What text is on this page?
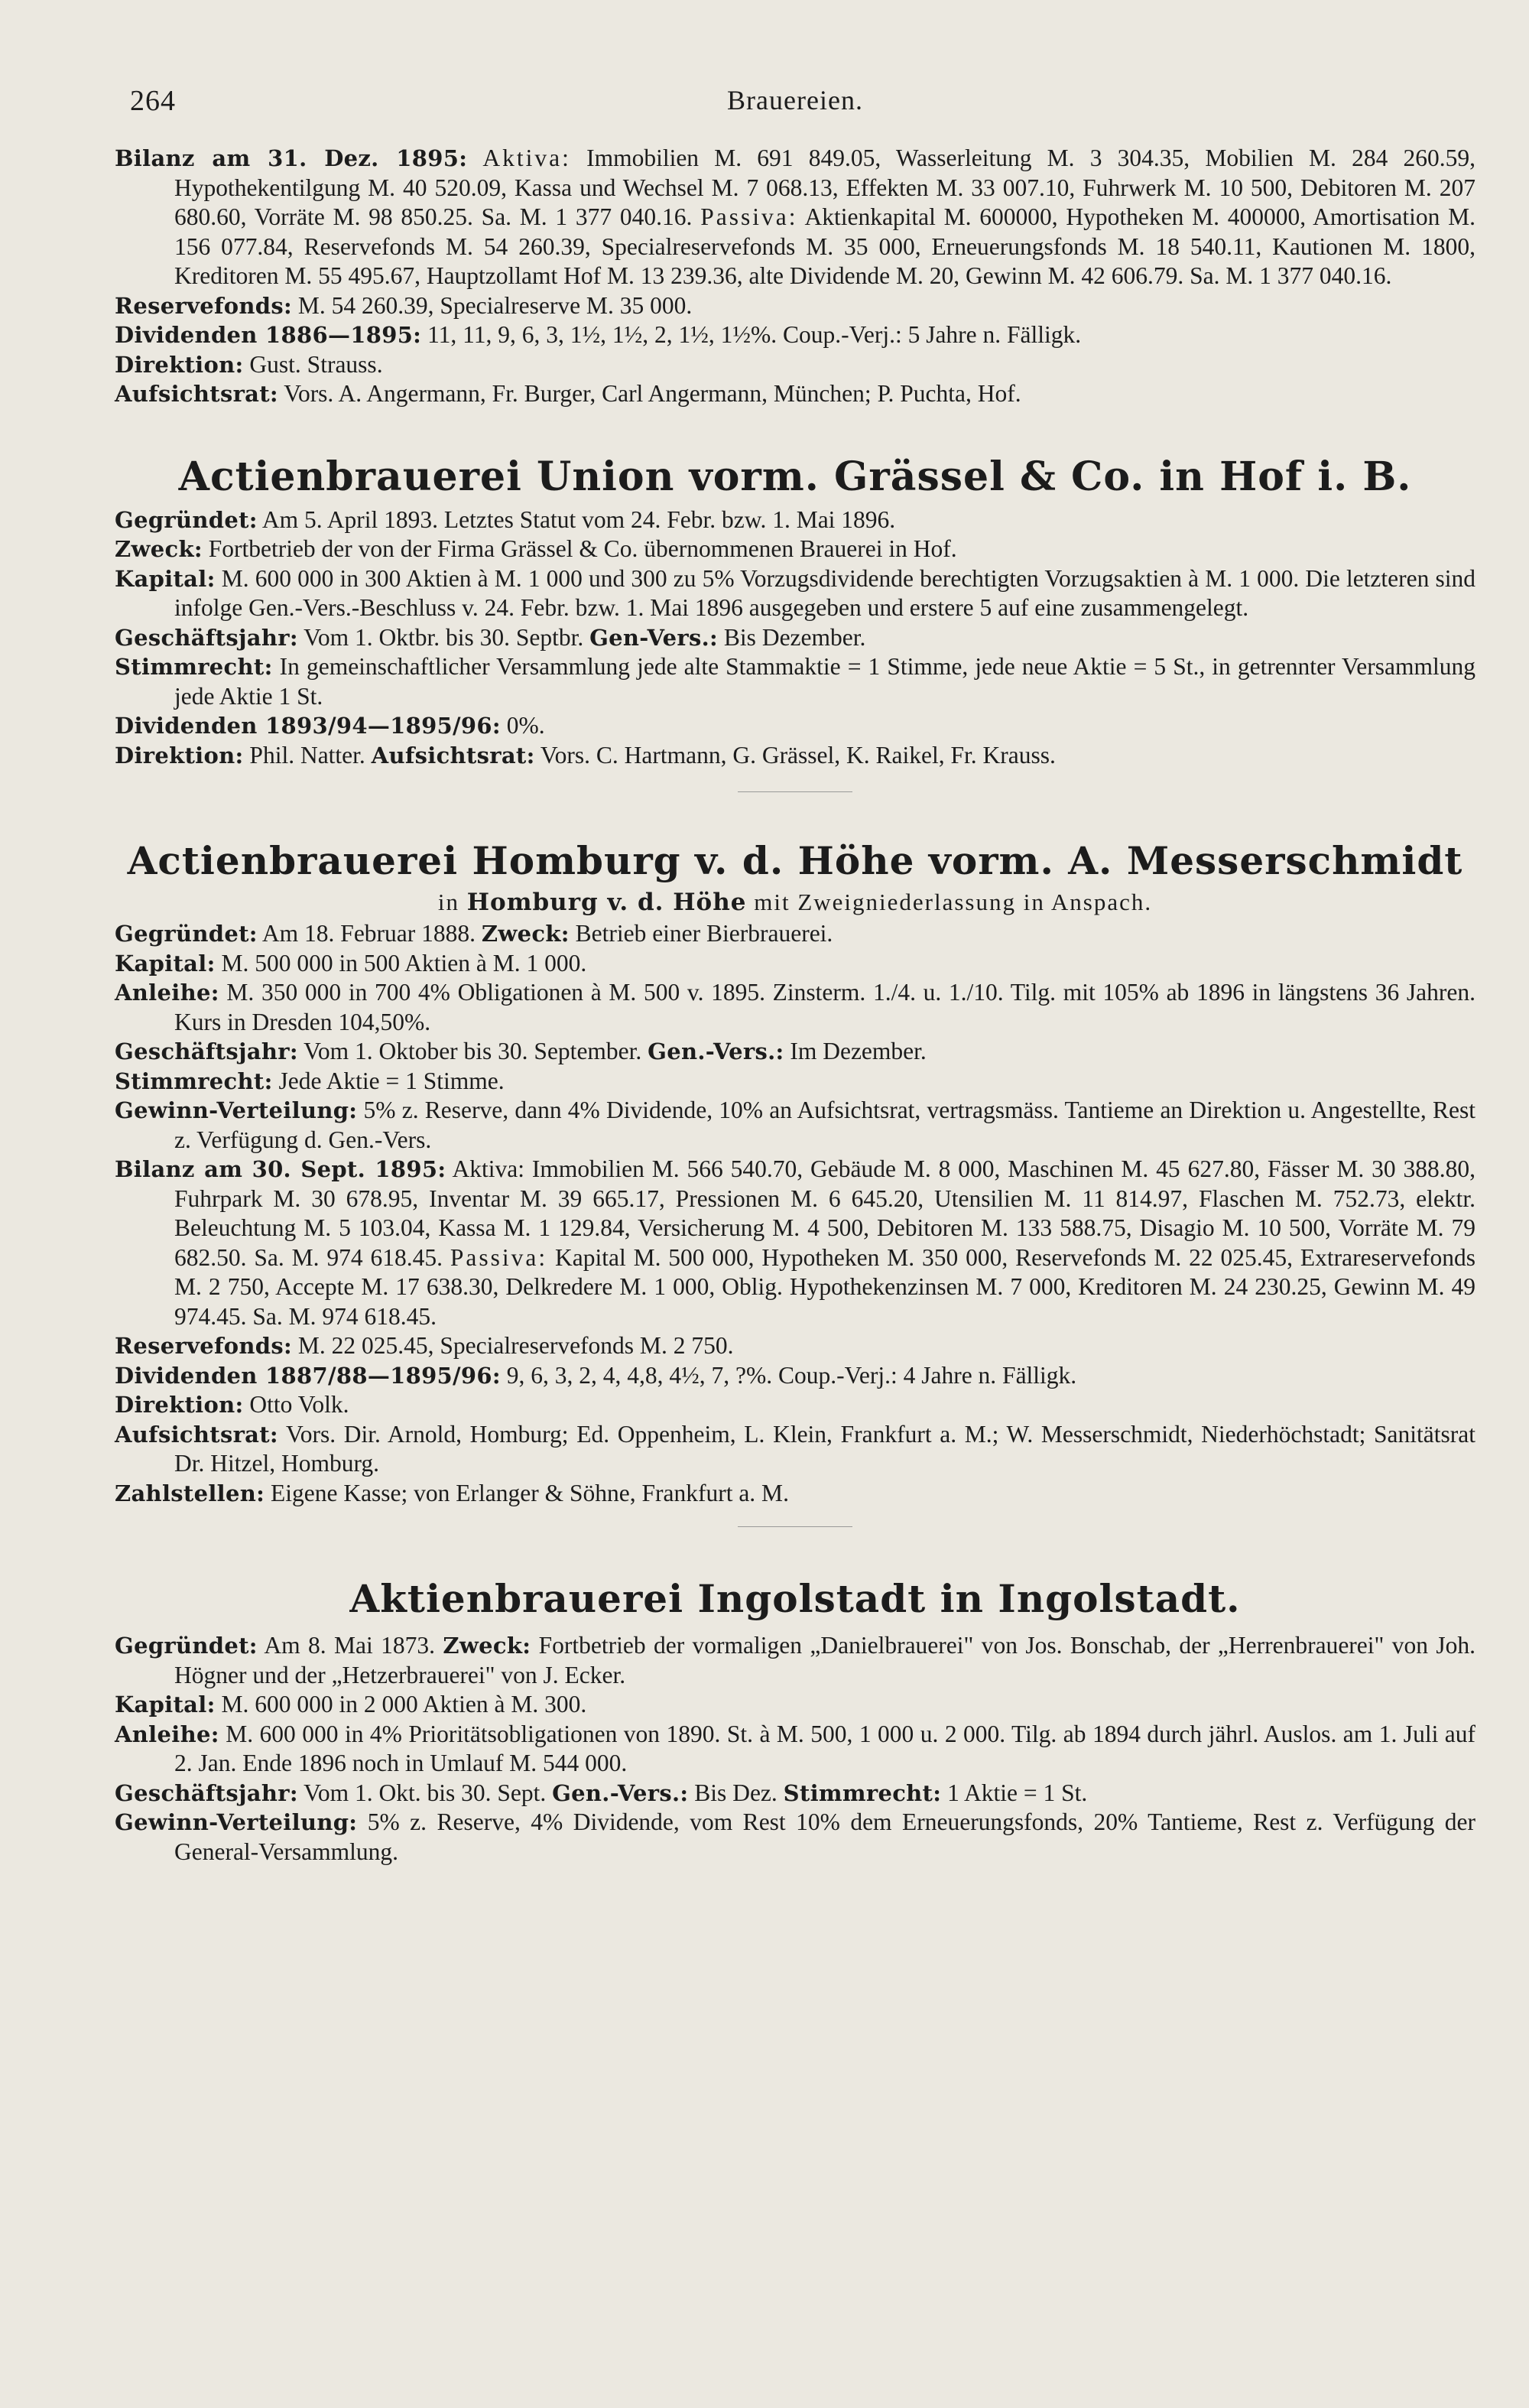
264	Brauereien.

Bilanz am 31. Dez. 1895: Aktiva: Immobilien M. 691 849.05, Wasserleitung M. 3 304.35, Mobilien M. 284 260.59, Hypothekentilgung M. 40 520.09, Kassa und Wechsel M. 7 068.13, Effekten M. 33 007.10, Fuhrwerk M. 10 500, Debitoren M. 207 680.60, Vorräte M. 98 850.25. Sa. M. 1 377 040.16. Passiva: Aktienkapital M. 600000, Hypotheken M. 400000, Amortisation M. 156 077.84, Reservefonds M. 54 260.39, Specialreservefonds M. 35 000, Erneuerungsfonds M. 18 540.11, Kautionen M. 1800, Kreditoren M. 55 495.67, Hauptzollamt Hof M. 13 239.36, alte Dividende M. 20, Gewinn M. 42 606.79. Sa. M. 1 377 040.16.

Reservefonds: M. 54 260.39, Specialreserve M. 35 000.

Dividenden 1886—1895: 11, 11, 9, 6, 3, 1½, 1½, 2, 1½, 1½%. Coup.-Verj.: 5 Jahre n. Fälligk.

Direktion: Gust. Strauss.

Aufsichtsrat: Vors. A. Angermann, Fr. Burger, Carl Angermann, München; P. Puchta, Hof.

Actienbrauerei Union vorm. Grässel & Co. in Hof i. B.

Gegründet: Am 5. April 1893. Letztes Statut vom 24. Febr. bzw. 1. Mai 1896.

Zweck: Fortbetrieb der von der Firma Grässel & Co. übernommenen Brauerei in Hof.

Kapital: M. 600 000 in 300 Aktien à M. 1 000 und 300 zu 5% Vorzugsdividende berechtigten Vorzugsaktien à M. 1 000. Die letzteren sind infolge Gen.-Vers.-Beschluss v. 24. Febr. bzw. 1. Mai 1896 ausgegeben und erstere 5 auf eine zusammengelegt.

Geschäftsjahr: Vom 1. Oktbr. bis 30. Septbr. Gen-Vers.: Bis Dezember.

Stimmrecht: In gemeinschaftlicher Versammlung jede alte Stammaktie = 1 Stimme, jede neue Aktie = 5 St., in getrennter Versammlung jede Aktie 1 St.

Dividenden 1893/94—1895/96: 0%.

Direktion: Phil. Natter. Aufsichtsrat: Vors. C. Hartmann, G. Grässel, K. Raikel, Fr. Krauss.

Actienbrauerei Homburg v. d. Höhe vorm. A. Messerschmidt

in Homburg v. d. Höhe mit Zweigniederlassung in Anspach.

Gegründet: Am 18. Februar 1888. Zweck: Betrieb einer Bierbrauerei.

Kapital: M. 500 000 in 500 Aktien à M. 1 000.

Anleihe: M. 350 000 in 700 4% Obligationen à M. 500 v. 1895. Zinsterm. 1./4. u. 1./10. Tilg. mit 105% ab 1896 in längstens 36 Jahren. Kurs in Dresden 104,50%.

Geschäftsjahr: Vom 1. Oktober bis 30. September. Gen.-Vers.: Im Dezember.

Stimmrecht: Jede Aktie = 1 Stimme.

Gewinn-Verteilung: 5% z. Reserve, dann 4% Dividende, 10% an Aufsichtsrat, vertragsmäss. Tantieme an Direktion u. Angestellte, Rest z. Verfügung d. Gen.-Vers.

Bilanz am 30. Sept. 1895: Aktiva: Immobilien M. 566 540.70, Gebäude M. 8 000, Maschinen M. 45 627.80, Fässer M. 30 388.80, Fuhrpark M. 30 678.95, Inventar M. 39 665.17, Pressionen M. 6 645.20, Utensilien M. 11 814.97, Flaschen M. 752.73, elektr. Beleuchtung M. 5 103.04, Kassa M. 1 129.84, Versicherung M. 4 500, Debitoren M. 133 588.75, Disagio M. 10 500, Vorräte M. 79 682.50. Sa. M. 974 618.45. Passiva: Kapital M. 500 000, Hypotheken M. 350 000, Reservefonds M. 22 025.45, Extrareservefonds M. 2 750, Accepte M. 17 638.30, Delkredere M. 1 000, Oblig. Hypothekenzinsen M. 7 000, Kreditoren M. 24 230.25, Gewinn M. 49 974.45. Sa. M. 974 618.45.

Reservefonds: M. 22 025.45, Specialreservefonds M. 2 750.

Dividenden 1887/88—1895/96: 9, 6, 3, 2, 4, 4,8, 4½, 7, ?%. Coup.-Verj.: 4 Jahre n. Fälligk.

Direktion: Otto Volk.

Aufsichtsrat: Vors. Dir. Arnold, Homburg; Ed. Oppenheim, L. Klein, Frankfurt a. M.; W. Messerschmidt, Niederhöchstadt; Sanitätsrat Dr. Hitzel, Homburg.

Zahlstellen: Eigene Kasse; von Erlanger & Söhne, Frankfurt a. M.

Aktienbrauerei Ingolstadt in Ingolstadt.

Gegründet: Am 8. Mai 1873. Zweck: Fortbetrieb der vormaligen „Danielbrauerei" von Jos. Bonschab, der „Herrenbrauerei" von Joh. Högner und der „Hetzerbrauerei" von J. Ecker.

Kapital: M. 600 000 in 2 000 Aktien à M. 300.

Anleihe: M. 600 000 in 4% Prioritätsobligationen von 1890. St. à M. 500, 1 000 u. 2 000. Tilg. ab 1894 durch jährl. Auslos. am 1. Juli auf 2. Jan. Ende 1896 noch in Umlauf M. 544 000.

Geschäftsjahr: Vom 1. Okt. bis 30. Sept. Gen.-Vers.: Bis Dez. Stimmrecht: 1 Aktie = 1 St.

Gewinn-Verteilung: 5% z. Reserve, 4% Dividende, vom Rest 10% dem Erneuerungsfonds, 20% Tantieme, Rest z. Verfügung der General-Versammlung.
